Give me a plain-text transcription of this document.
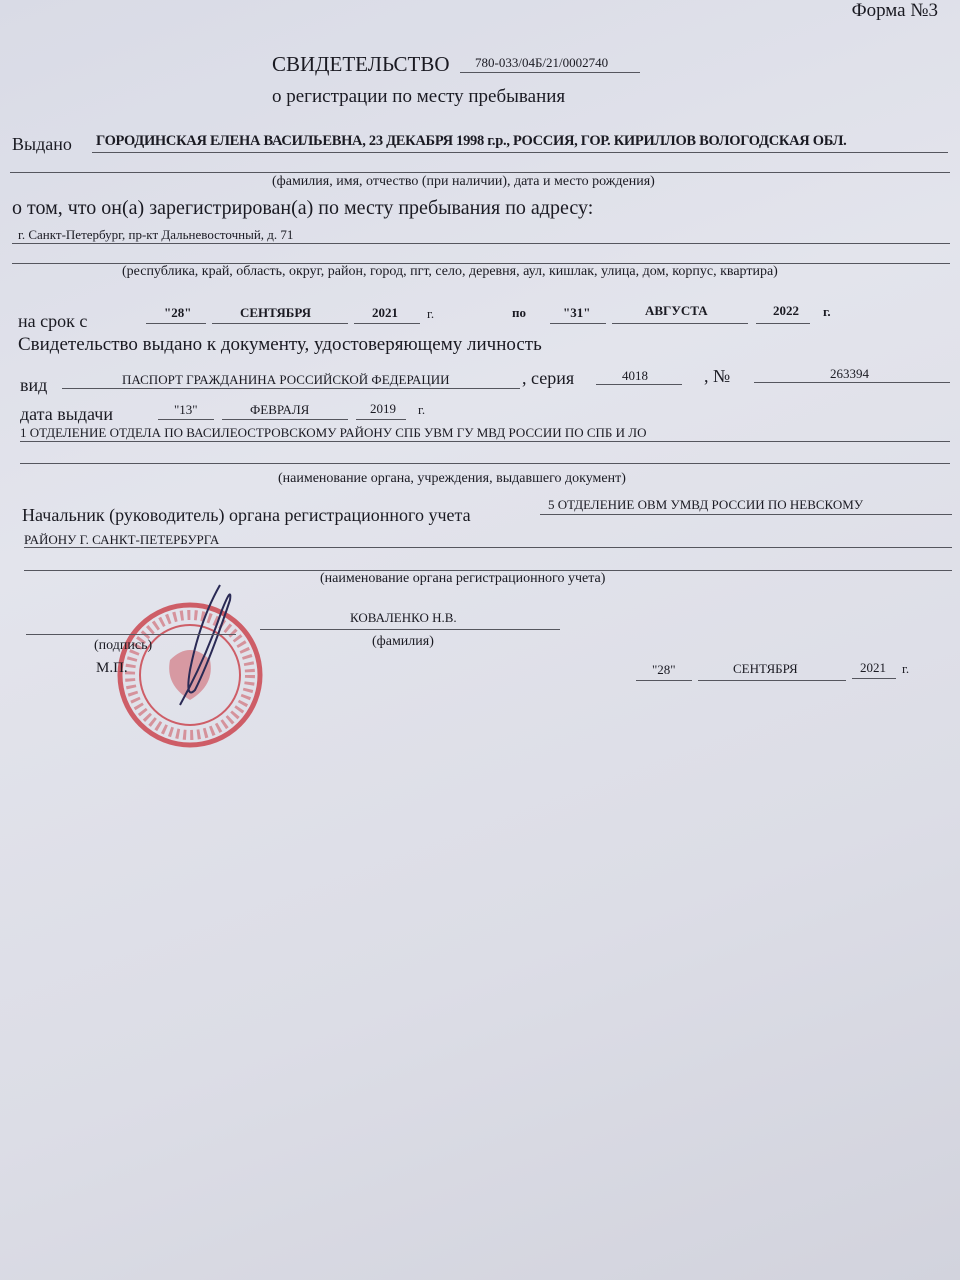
Форма №3
СВИДЕТЕЛЬСТВО 780-033/04Б/21/0002740
о регистрации по месту пребывания
Выдано ГОРОДИНСКАЯ ЕЛЕНА ВАСИЛЬЕВНА, 23 ДЕКАБРЯ 1998 г.р., РОССИЯ, ГОР. КИРИЛЛОВ ВОЛОГОДСКАЯ ОБЛ.
(фамилия, имя, отчество (при наличии), дата и место рождения)
о том, что он(а) зарегистрирован(а) по месту пребывания по адресу:
г. Санкт-Петербург, пр-кт Дальневосточный, д. 71
(республика, край, область, округ, район, город, пгт, село, деревня, аул, кишлак, улица, дом, корпус, квартира)
на срок с	"28"	СЕНТЯБРЯ	2021 г.	по	"31"	АВГУСТА	2022 г.
Свидетельство выдано к документу, удостоверяющему личность
вид	ПАСПОРТ ГРАЖДАНИНА РОССИЙСКОЙ ФЕДЕРАЦИИ	, серия	4018	, №	263394
дата выдачи	"13"	ФЕВРАЛЯ	2019 г.
1 ОТДЕЛЕНИЕ ОТДЕЛА ПО ВАСИЛЕОСТРОВСКОМУ РАЙОНУ СПБ УВМ ГУ МВД РОССИИ ПО СПБ И ЛО
(наименование органа, учреждения, выдавшего документ)
Начальник (руководитель) органа регистрационного учета
5 ОТДЕЛЕНИЕ ОВМ УМВД РОССИИ ПО НЕВСКОМУ
РАЙОНУ Г. САНКТ-ПЕТЕРБУРГА
(наименование органа регистрационного учета)
(подпись)
КОВАЛЕНКО Н.В.
(фамилия)
М.П.	"28"	СЕНТЯБРЯ	2021 г.
